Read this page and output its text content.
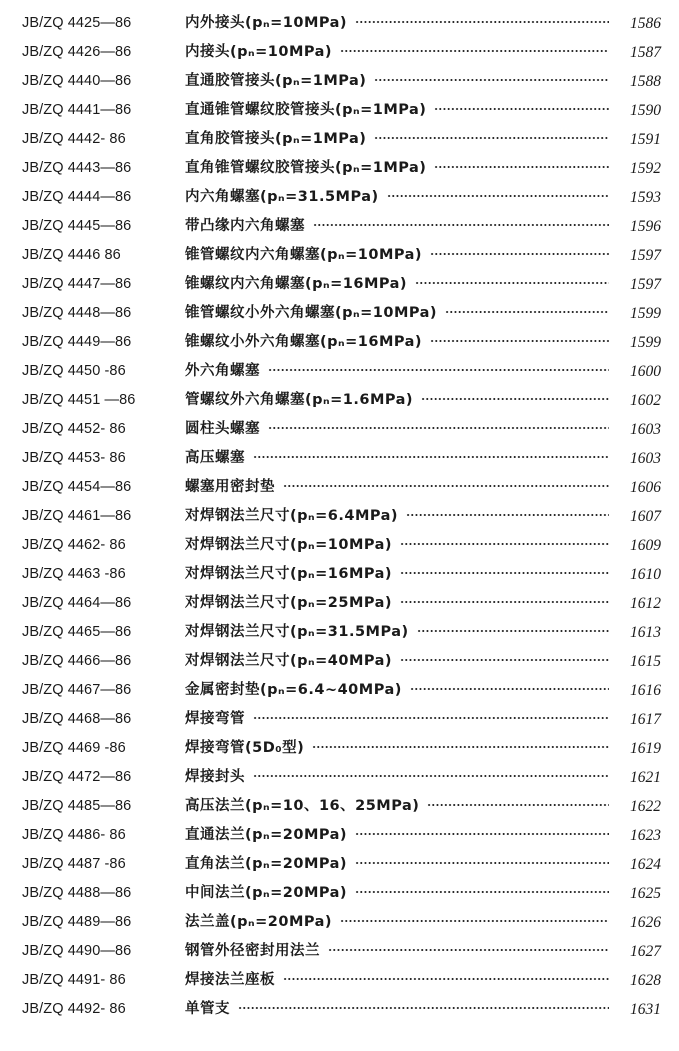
JB/ZQ 4425—86	内外接头(pₙ=10MPa)	1586
JB/ZQ 4426—86	内接头(pₙ=10MPa)	1587
JB/ZQ 4440—86	直通胶管接头(pₙ=1MPa)	1588
JB/ZQ 4441—86	直通锥管螺纹胶管接头(pₙ=1MPa)	1590
JB/ZQ 4442- 86	直角胶管接头(pₙ=1MPa)	1591
JB/ZQ 4443—86	直角锥管螺纹胶管接头(pₙ=1MPa)	1592
JB/ZQ 4444—86	内六角螺塞(pₙ=31.5MPa)	1593
JB/ZQ 4445—86	带凸缘内六角螺塞	1596
JB/ZQ 4446 86	锥管螺纹内六角螺塞(pₙ=10MPa)	1597
JB/ZQ 4447—86	锥螺纹内六角螺塞(pₙ=16MPa)	1597
JB/ZQ 4448—86	锥管螺纹小外六角螺塞(pₙ=10MPa)	1599
JB/ZQ 4449—86	锥螺纹小外六角螺塞(pₙ=16MPa)	1599
JB/ZQ 4450 -86	外六角螺塞	1600
JB/ZQ 4451 —86	管螺纹外六角螺塞(pₙ=1.6MPa)	1602
JB/ZQ 4452- 86	圆柱头螺塞	1603
JB/ZQ 4453- 86	高压螺塞	1603
JB/ZQ 4454—86	螺塞用密封垫	1606
JB/ZQ 4461—86	对焊钢法兰尺寸(pₙ=6.4MPa)	1607
JB/ZQ 4462- 86	对焊钢法兰尺寸(pₙ=10MPa)	1609
JB/ZQ 4463 -86	对焊钢法兰尺寸(pₙ=16MPa)	1610
JB/ZQ 4464—86	对焊钢法兰尺寸(pₙ=25MPa)	1612
JB/ZQ 4465—86	对焊钢法兰尺寸(pₙ=31.5MPa)	1613
JB/ZQ 4466—86	对焊钢法兰尺寸(pₙ=40MPa)	1615
JB/ZQ 4467—86	金属密封垫(pₙ=6.4~40MPa)	1616
JB/ZQ 4468—86	焊接弯管	1617
JB/ZQ 4469 -86	焊接弯管(5D₀型)	1619
JB/ZQ 4472—86	焊接封头	1621
JB/ZQ 4485—86	高压法兰(pₙ=10、16、25MPa)	1622
JB/ZQ 4486- 86	直通法兰(pₙ=20MPa)	1623
JB/ZQ 4487 -86	直角法兰(pₙ=20MPa)	1624
JB/ZQ 4488—86	中间法兰(pₙ=20MPa)	1625
JB/ZQ 4489—86	法兰盖(pₙ=20MPa)	1626
JB/ZQ 4490—86	钢管外径密封用法兰	1627
JB/ZQ 4491- 86	焊接法兰座板	1628
JB/ZQ 4492- 86	单管支	1631
